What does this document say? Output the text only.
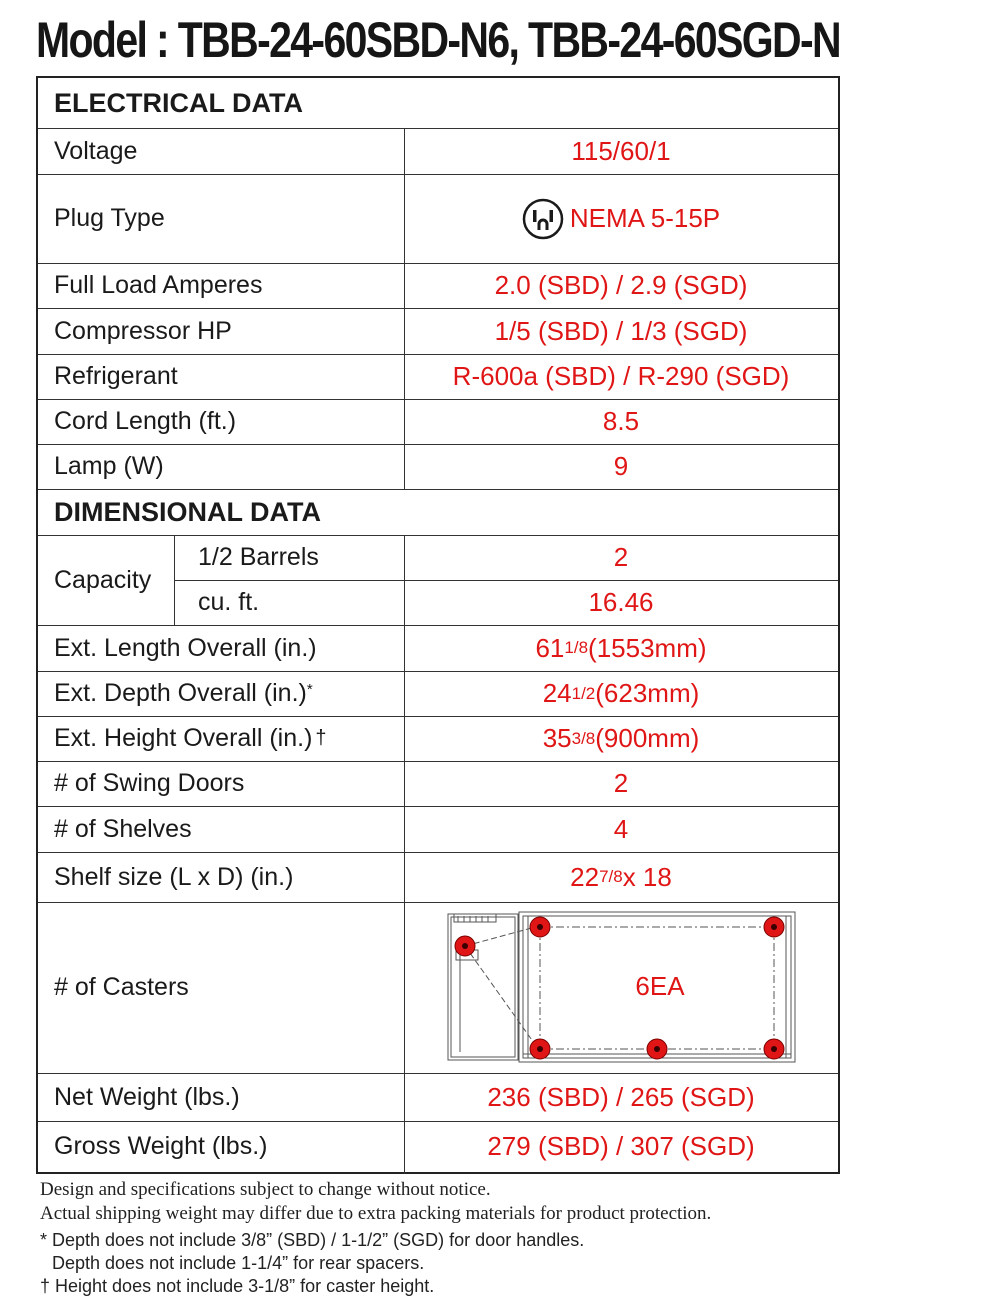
Model : TBB-24-60SBD-N6, TBB-24-60SGD-N
ELECTRICAL DATA
Voltage	115/60/1
Plug Type	NEMA 5-15P
Full Load Amperes	2.0 (SBD) / 2.9 (SGD)
Compressor HP	1/5 (SBD) / 1/3 (SGD)
Refrigerant	R-600a (SBD) / R-290 (SGD)
Cord Length (ft.)	8.5
Lamp (W)	9
DIMENSIONAL DATA
Capacity
1/2 Barrels	2
cu. ft.	16.46
Ext. Length Overall (in.)	61 1/8 (1553mm)
Ext. Depth Overall (in.) *	24 1/2 (623mm)
Ext. Height Overall (in.) †	35 3/8 (900mm)
# of Swing Doors	2
# of Shelves	4
Shelf size (L x D) (in.)	22 7/8 x 18
# of Casters	6EA
Net Weight (lbs.)	236 (SBD) / 265 (SGD)
Gross Weight (lbs.)	279 (SBD) / 307 (SGD)
Design and specifications subject to change without notice.
Actual shipping weight may differ due to extra packing materials for product protection.
* Depth does not include 3/8” (SBD) / 1-1/2” (SGD) for door handles.
Depth does not include 1-1/4” for rear spacers.
† Height does not include 3-1/8” for caster height.
